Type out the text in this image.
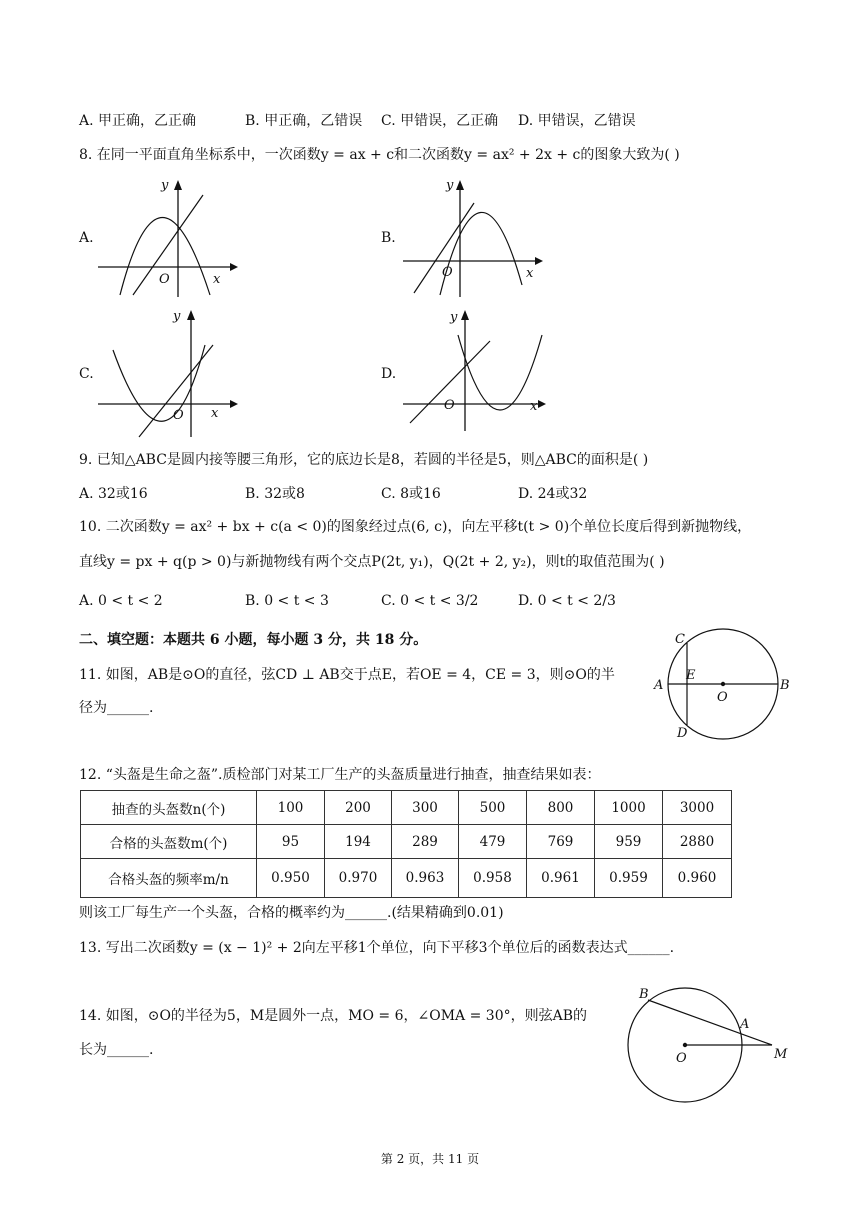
A. 甲正确，乙正确	B. 甲正确，乙错误 C. 甲错误，乙正确 D. 甲错误，乙错误
8. 在同一平面直角坐标系中，一次函数y = ax + c和二次函数y = ax² + 2x + c的图象大致为( )
A.	B.
C.	D.
y
x
O
y
x
O
y
x
O
y
x
O
9. 已知△ABC是圆内接等腰三角形，它的底边长是8，若圆的半径是5，则△ABC的面积是( )
A. 32或16	B. 32或8	C. 8或16	D. 24或32
10. 二次函数y = ax² + bx + c(a < 0)的图象经过点(6, c)，向左平移t(t > 0)个单位长度后得到新抛物线，
直线y = px + q(p > 0)与新抛物线有两个交点P(2t, y₁)，Q(2t + 2, y₂)，则t的取值范围为( )
A. 0 < t < 2	B. 0 < t < 3	C. 0 < t < 3/2	D. 0 < t < 2/3
二、填空题：本题共 6 小题，每小题 3 分，共 18 分。
11. 如图，AB是⊙O的直径，弦CD ⊥ AB交于点E，若OE = 4，CE = 3，则⊙O的半
径为______.
C
A
E
O
B
D
12. “头盔是生命之盔”.质检部门对某工厂生产的头盔质量进行抽查，抽查结果如表：
抽查的头盔数n(个)	100	200	300	500	800	1000	3000
合格的头盔数m(个)	95	194	289	479	769	959	2880
合格头盔的频率m/n	0.950	0.970	0.963	0.958	0.961	0.959	0.960
则该工厂每生产一个头盔，合格的概率约为______.(结果精确到0.01)
13. 写出二次函数y = (x − 1)² + 2向左平移1个单位，向下平移3个单位后的函数表达式______.
14. 如图，⊙O的半径为5，M是圆外一点，MO = 6，∠OMA = 30°，则弦AB的
长为______.
B
A
O	M
第 2 页，共 11 页
